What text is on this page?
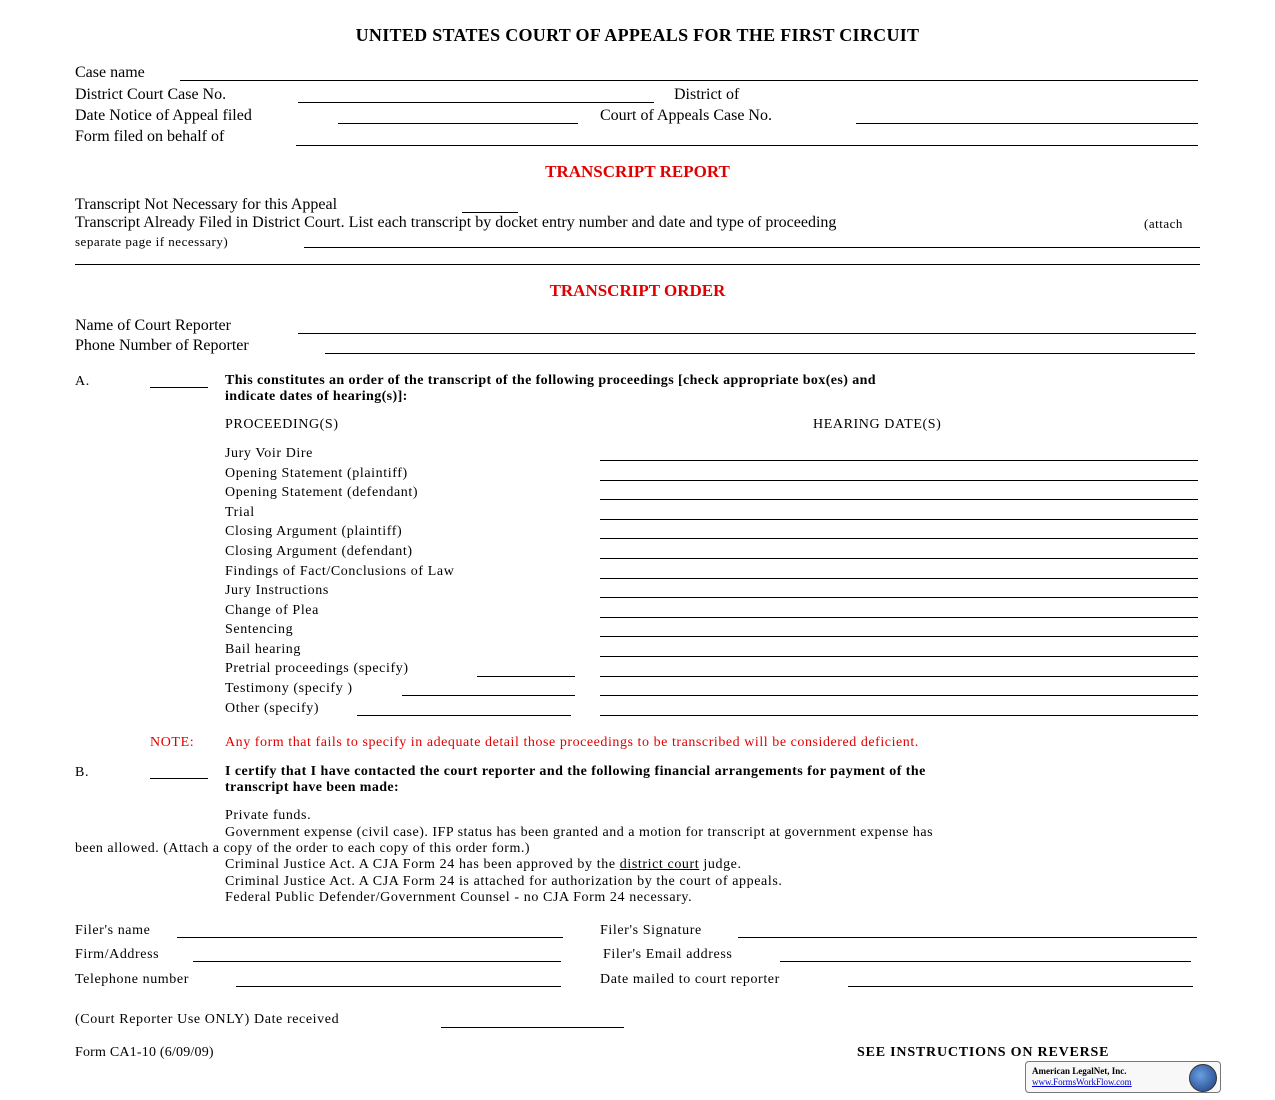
UNITED STATES COURT OF APPEALS FOR THE FIRST CIRCUIT
Case name
District Court Case No.	District of
Date Notice of Appeal filed	Court of Appeals Case No.
Form filed on behalf of
TRANSCRIPT REPORT
Transcript Not Necessary for this Appeal
Transcript Already Filed in District Court. List each transcript by docket entry number and date and type of proceeding	(attach
separate page if necessary)
TRANSCRIPT ORDER
Name of Court Reporter
Phone Number of Reporter
A.	This constitutes an order of the transcript of the following proceedings [check appropriate box(es) and
indicate dates of hearing(s)]:
PROCEEDING(S)	HEARING DATE(S)
Jury Voir Dire
Opening Statement (plaintiff)
Opening Statement (defendant)
Trial
Closing Argument (plaintiff)
Closing Argument (defendant)
Findings of Fact/Conclusions of Law
Jury Instructions
Change of Plea
Sentencing
Bail hearing
Pretrial proceedings (specify)
Testimony (specify )
Other (specify)
NOTE: Any form that fails to specify in adequate detail those proceedings to be transcribed will be considered deficient.
B.	I certify that I have contacted the court reporter and the following financial arrangements for payment of the
transcript have been made:
Private funds.
Government expense (civil case). IFP status has been granted and a motion for transcript at government expense has
been allowed. (Attach a copy of the order to each copy of this order form.)
Criminal Justice Act. A CJA Form 24 has been approved by the district court judge.
Criminal Justice Act. A CJA Form 24 is attached for authorization by the court of appeals.
Federal Public Defender/Government Counsel - no CJA Form 24 necessary.
Filer's name	Filer's Signature
Firm/Address	Filer's Email address
Telephone number	Date mailed to court reporter
(Court Reporter Use ONLY) Date received
Form CA1-10 (6/09/09)	SEE INSTRUCTIONS ON REVERSE
American LegalNet, Inc.
www.FormsWorkFlow.com
